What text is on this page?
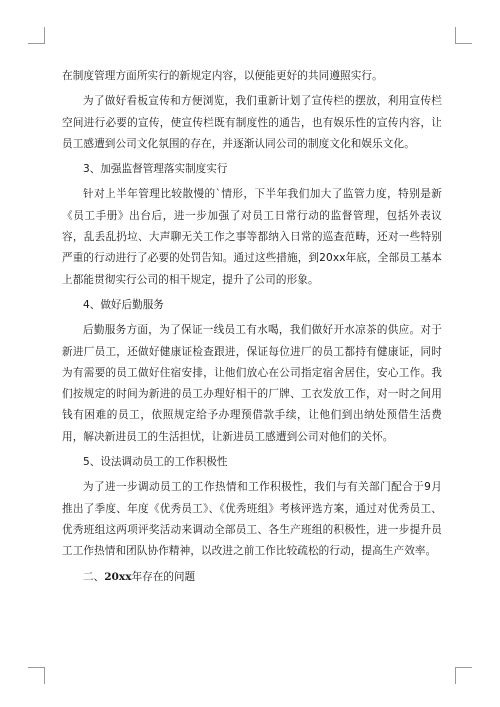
在制度管理方面所实行的新规定内容，以便能更好的共同遵照实行。

为了做好看板宣传和方便浏览，我们重新计划了宣传栏的摆放，利用宣传栏空间进行必要的宣传，使宣传栏既有制度性的通告，也有娱乐性的宣传内容，让员工感遭到公司文化氛围的存在，并逐渐认同公司的制度文化和娱乐文化。

3、加强监督管理落实制度实行

针对上半年管理比较散慢的`情形，下半年我们加大了监管力度，特别是新《员工手册》出台后，进一步加强了对员工日常行动的监督管理，包括外表议容，乱丢乱扔垃、大声聊无关工作之事等都纳入日常的巡查范畴，还对一些特别严重的行动进行了必要的处罚告知。通过这些措施，到20xx年底，全部员工基本上都能贯彻实行公司的相干规定，提升了公司的形象。

4、做好后勤服务

后勤服务方面，为了保证一线员工有水喝，我们做好开水凉茶的供应。对于新进厂员工，还做好健康证检查跟进，保证每位进厂的员工都持有健康证，同时为有需要的员工做好住宿安排，让他们放心在公司指定宿舍居住，安心工作。我们按规定的时间为新进的员工办理好相干的厂牌、工衣发放工作，对一时之间用钱有困难的员工，依照规定给予办理预借款手续，让他们到出纳处预借生活费用，解决新进员工的生活担忧，让新进员工感遭到公司对他们的关怀。

5、设法调动员工的工作积极性

为了进一步调动员工的工作热情和工作积极性，我们与有关部门配合于9月推出了季度、年度《优秀员工》、《优秀班组》考核评选方案，通过对优秀员工、优秀班组这两项评奖活动来调动全部员工、各生产班组的积极性，进一步提升员工工作热情和团队协作精神，以改进之前工作比较疏松的行动，提高生产效率。

二、20xx年存在的问题
